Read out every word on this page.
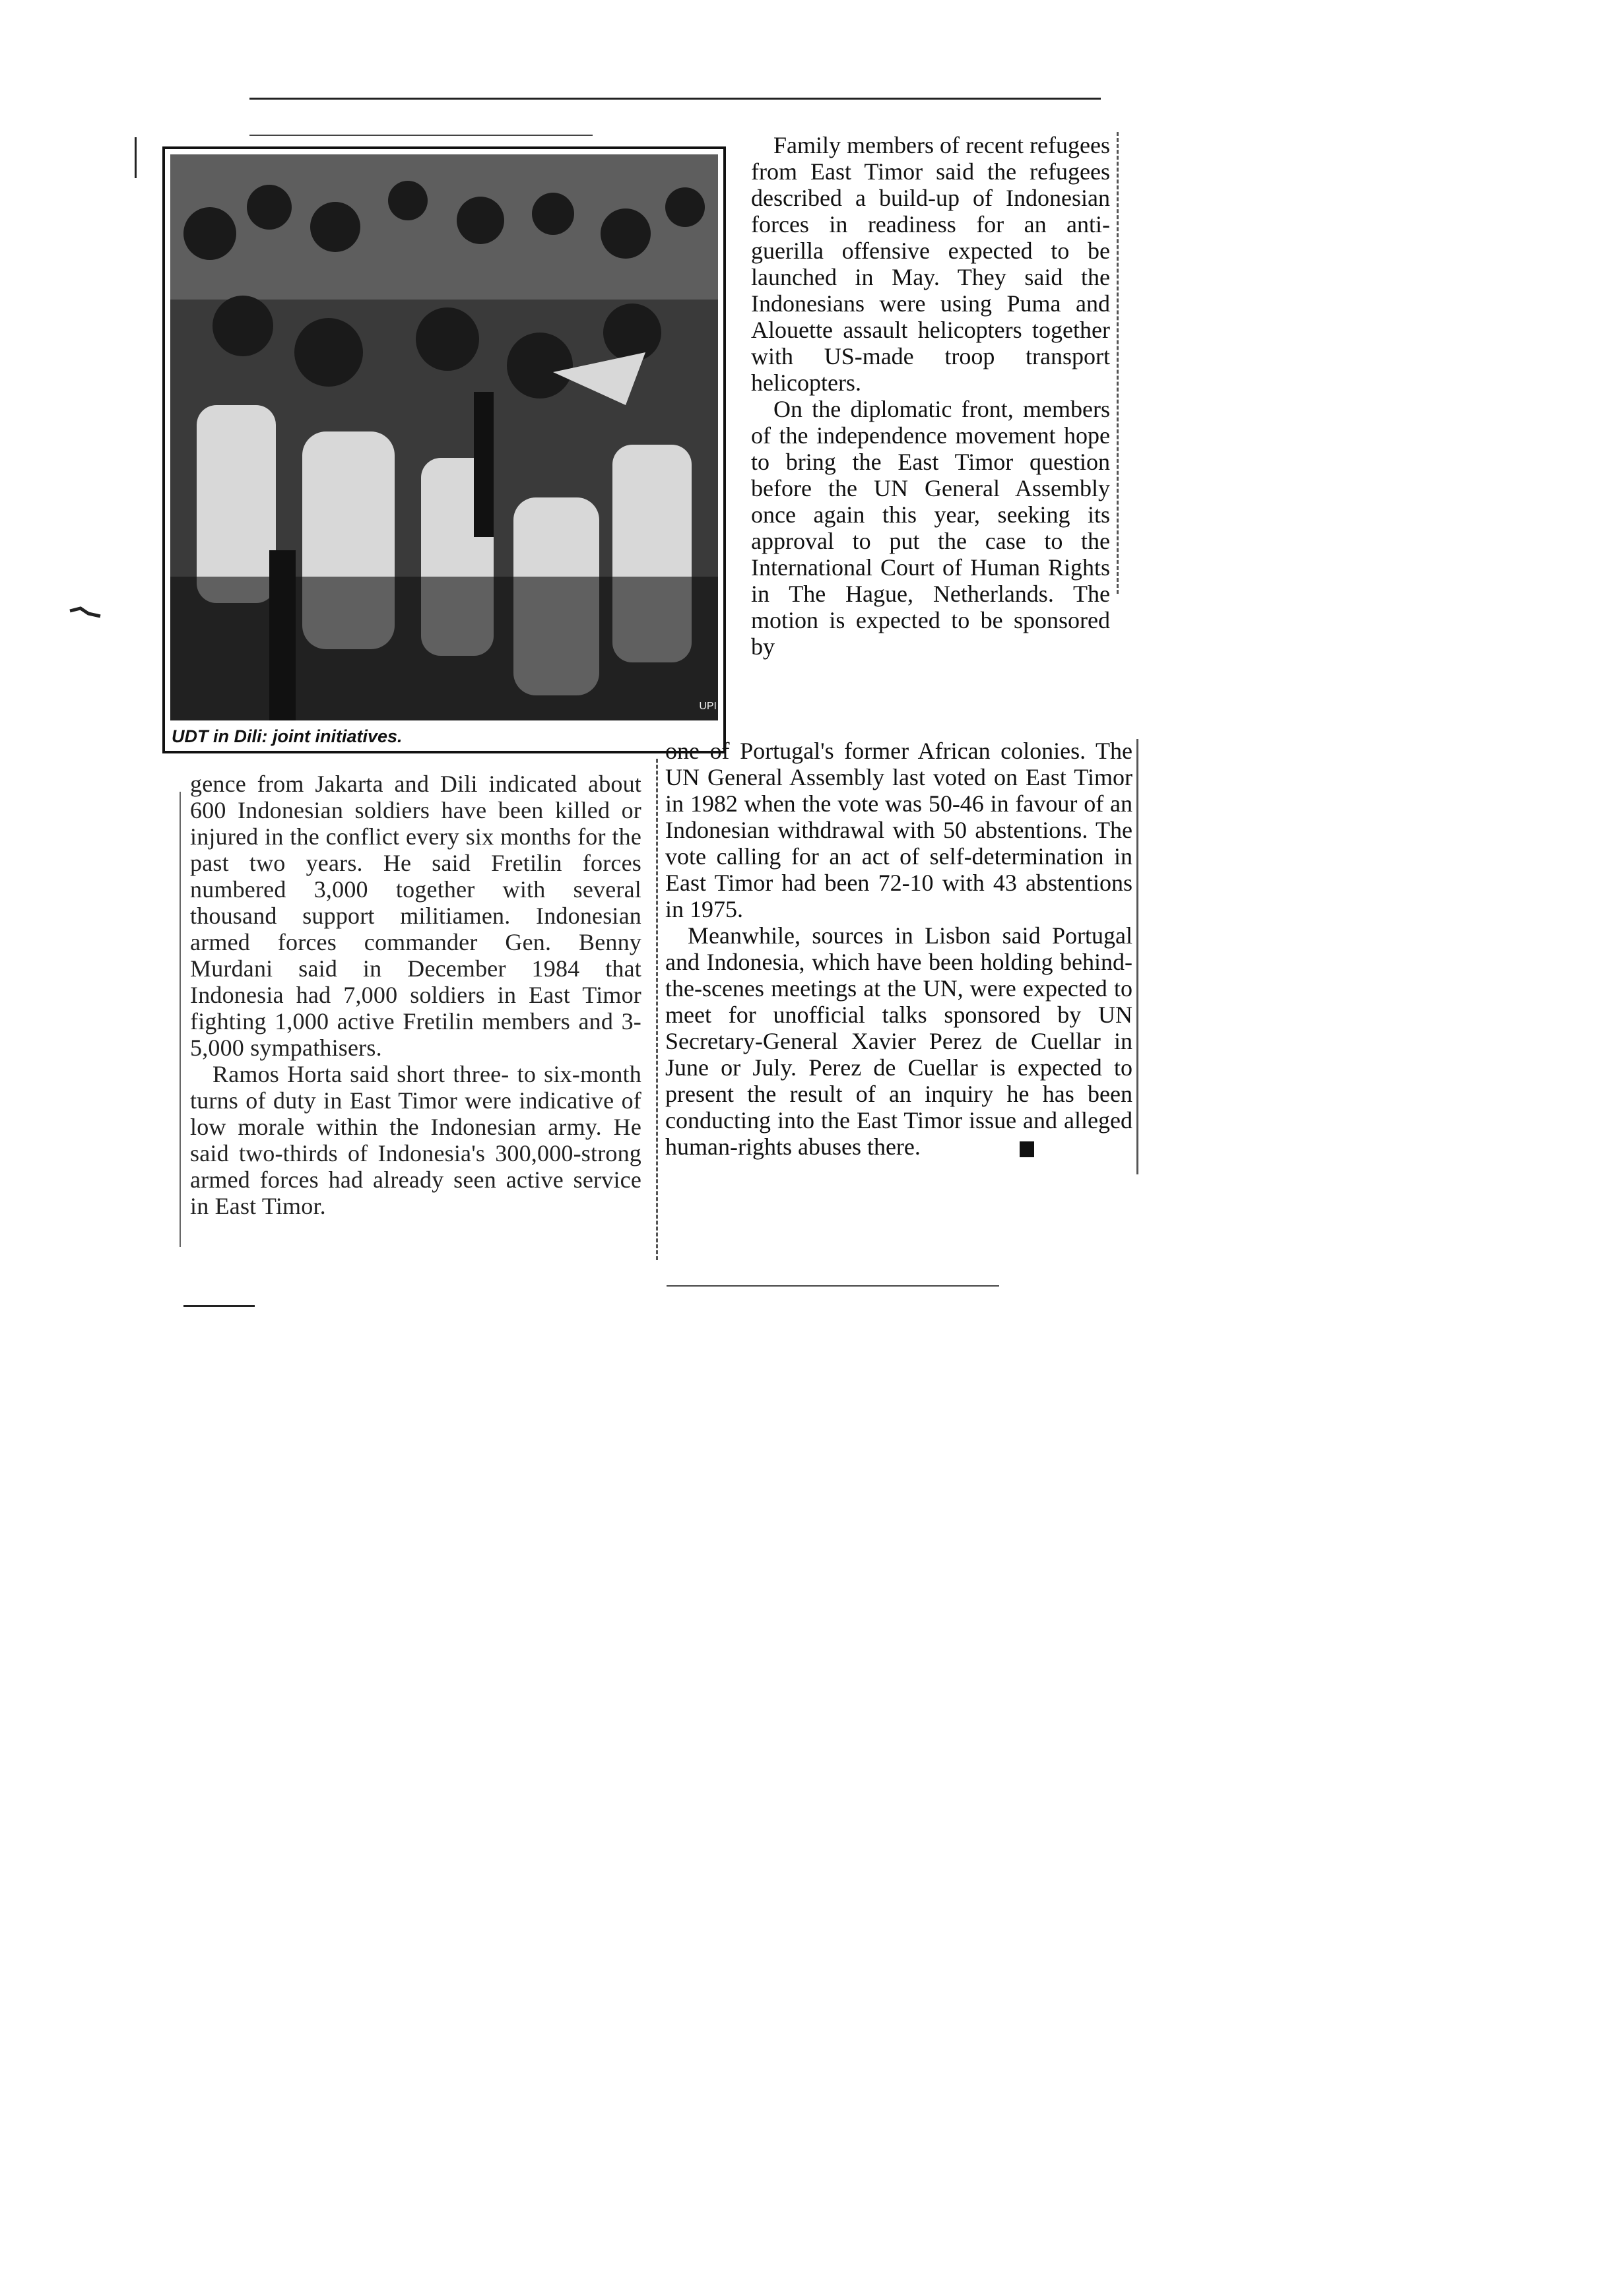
UPI
UDT in Dili: joint initiatives.

Family members of recent refugees from East Timor said the refugees described a build-up of Indonesian forces in readiness for an anti-guerilla offensive expected to be launched in May. They said the Indonesians were using Puma and Alouette assault helicopters together with US-made troop transport helicopters.

On the diplomatic front, members of the independence movement hope to bring the East Timor question before the UN General Assembly once again this year, seeking its approval to put the case to the International Court of Human Rights in The Hague, Netherlands. The motion is expected to be sponsored by

gence from Jakarta and Dili indicated about 600 Indonesian soldiers have been killed or injured in the conflict every six months for the past two years. He said Fretilin forces numbered 3,000 together with several thousand support militiamen. Indonesian armed forces commander Gen. Benny Murdani said in December 1984 that Indonesia had 7,000 soldiers in East Timor fighting 1,000 active Fretilin members and 3-5,000 sympathisers.

Ramos Horta said short three- to six-month turns of duty in East Timor were indicative of low morale within the Indonesian army. He said two-thirds of Indonesia's 300,000-strong armed forces had already seen active service in East Timor.

one of Portugal's former African colonies. The UN General Assembly last voted on East Timor in 1982 when the vote was 50-46 in favour of an Indonesian withdrawal with 50 abstentions. The vote calling for an act of self-determination in East Timor had been 72-10 with 43 abstentions in 1975.

Meanwhile, sources in Lisbon said Portugal and Indonesia, which have been holding behind-the-scenes meetings at the UN, were expected to meet for unofficial talks sponsored by UN Secretary-General Xavier Perez de Cuellar in June or July. Perez de Cuellar is expected to present the result of an inquiry he has been conducting into the East Timor issue and alleged human-rights abuses there.	R
